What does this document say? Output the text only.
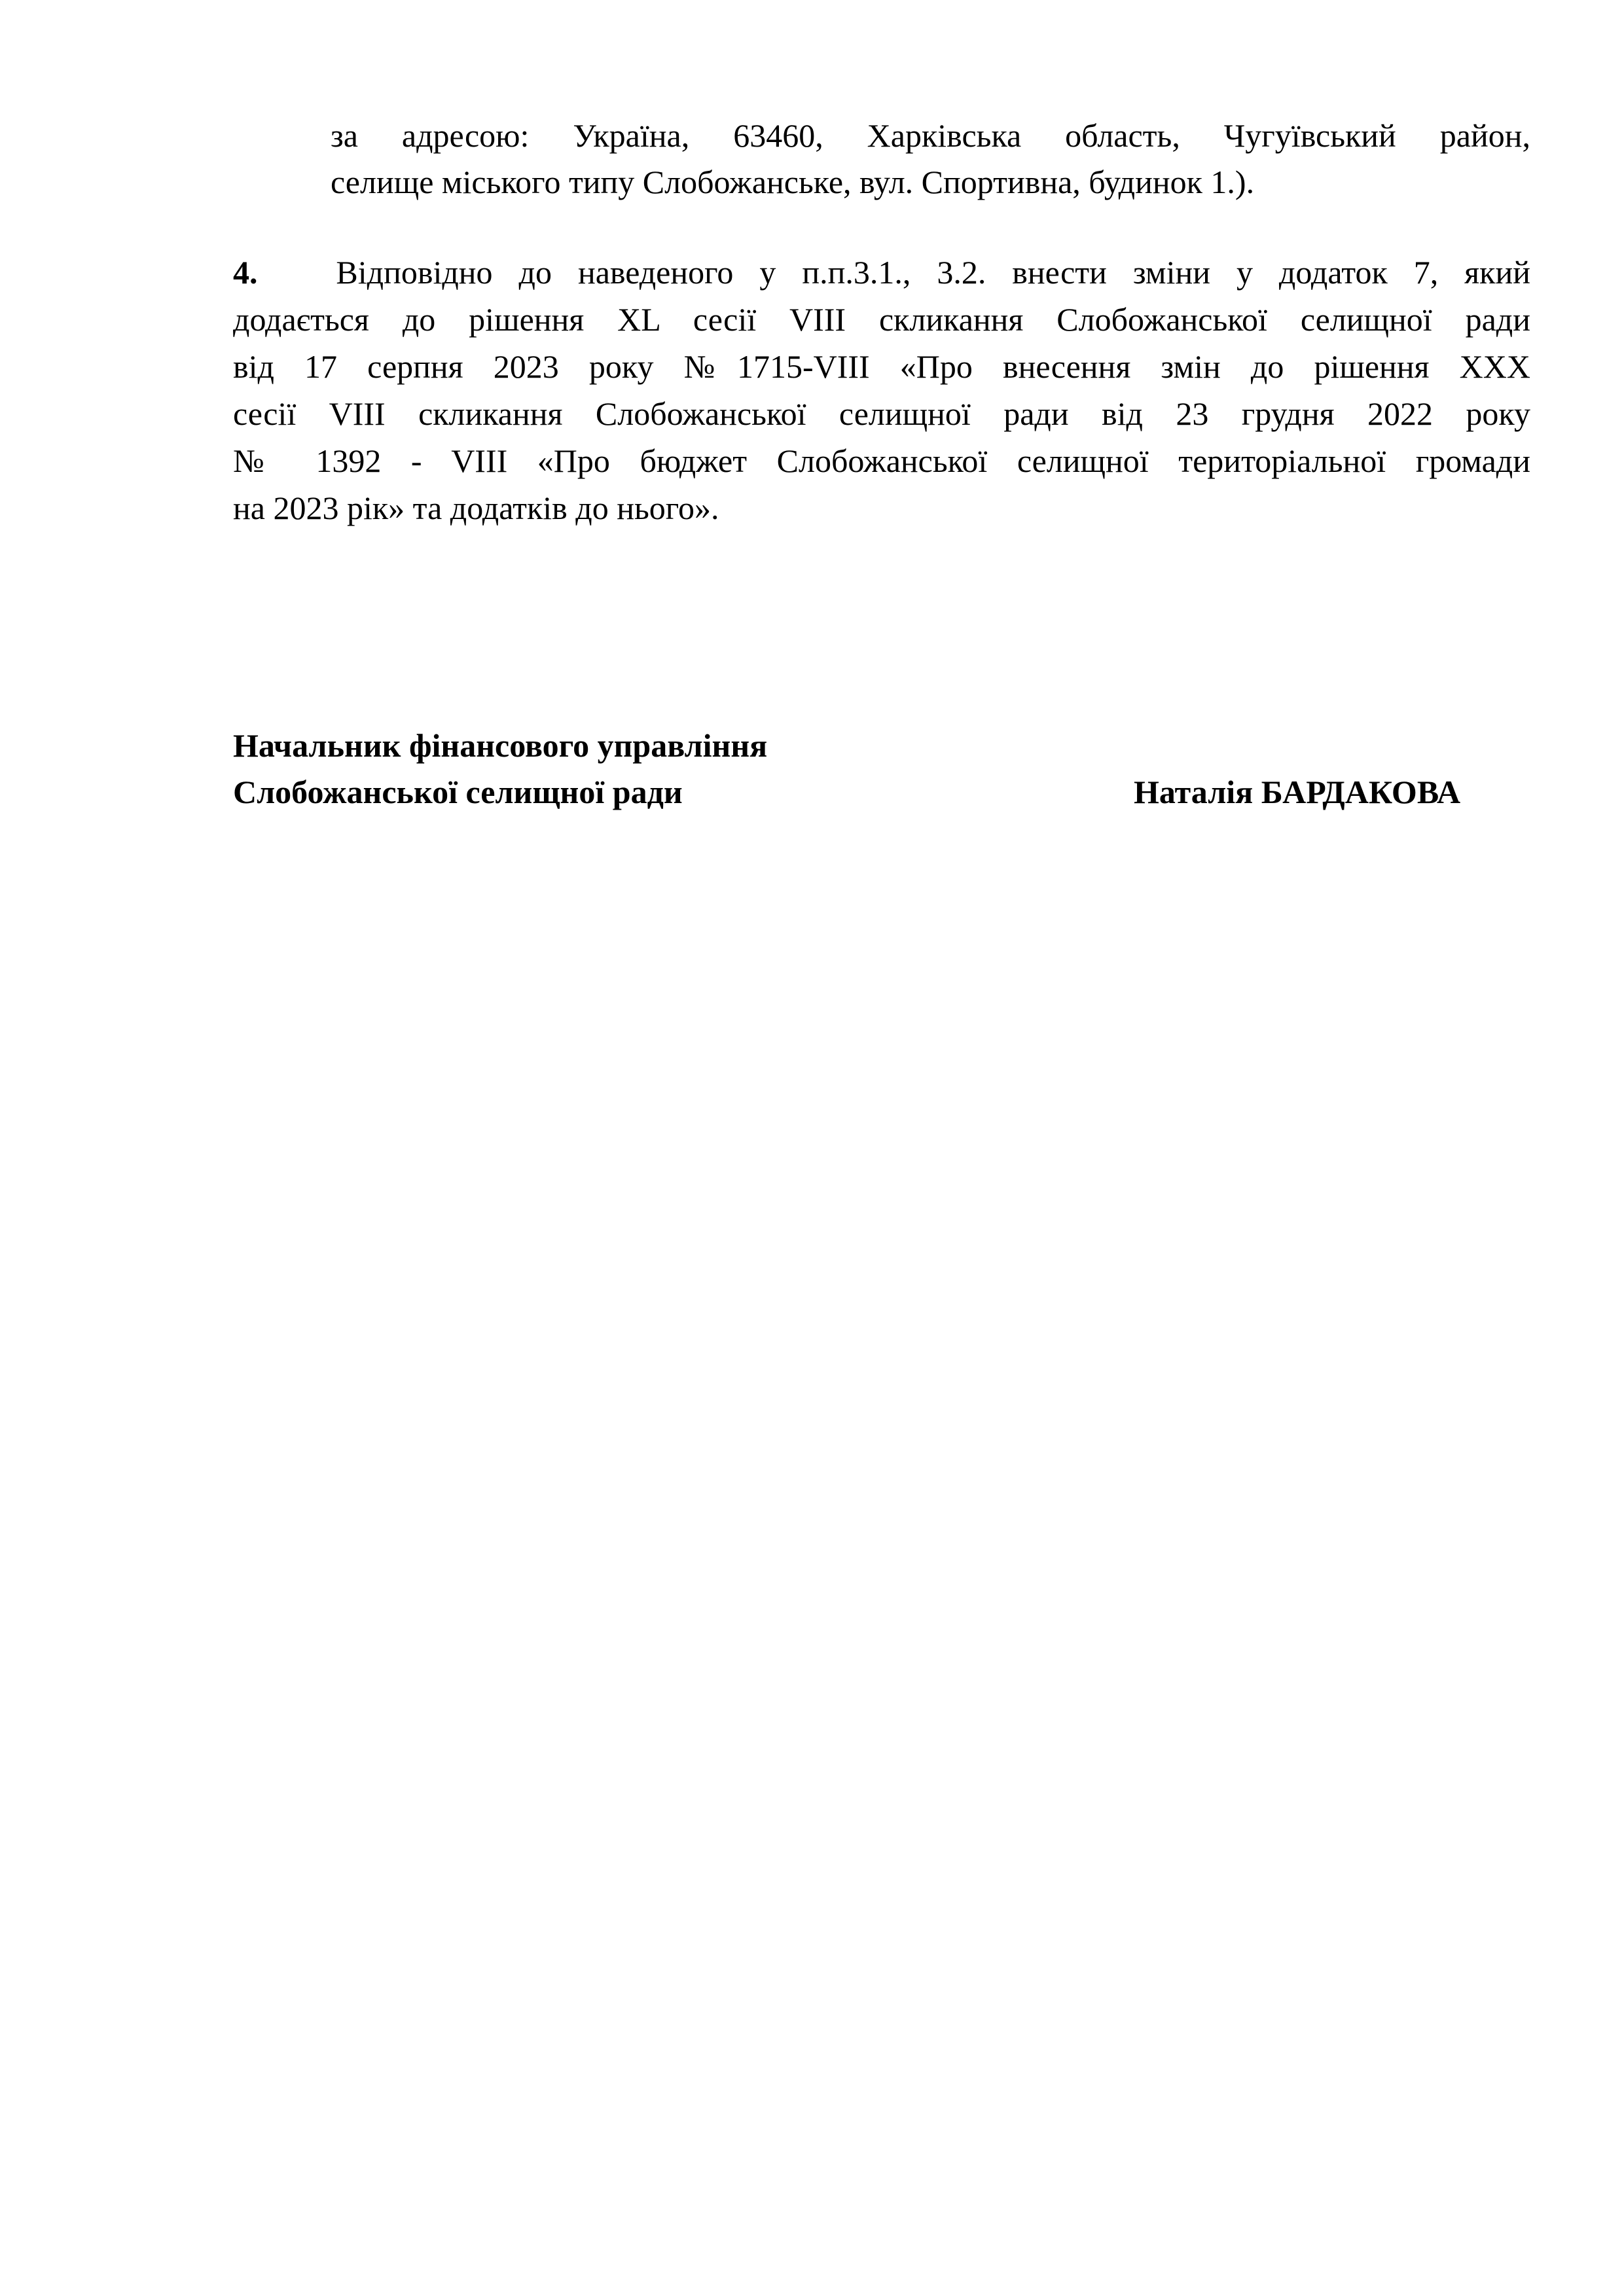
за адресою: Україна, 63460, Харківська область, Чугуївський район,
селище міського типу Слобожанське, вул. Спортивна, будинок 1.).
4. Відповідно до наведеного у п.п.3.1., 3.2. внести зміни у додаток 7, який
додається до рішення XL сесії VIII скликання Слобожанської селищної ради
від 17 серпня 2023 року №1715-VIII «Про внесення змін до рішення ХХХ
сесії VIII скликання Слобожанської селищної ради від 23 грудня 2022 року
№ 1392 - VIII «Про бюджет Слобожанської селищної територіальної громади
на 2023 рік» та додатків до нього».
Начальник фінансового управління
Слобожанської селищної ради	Наталія БАРДАКОВА
